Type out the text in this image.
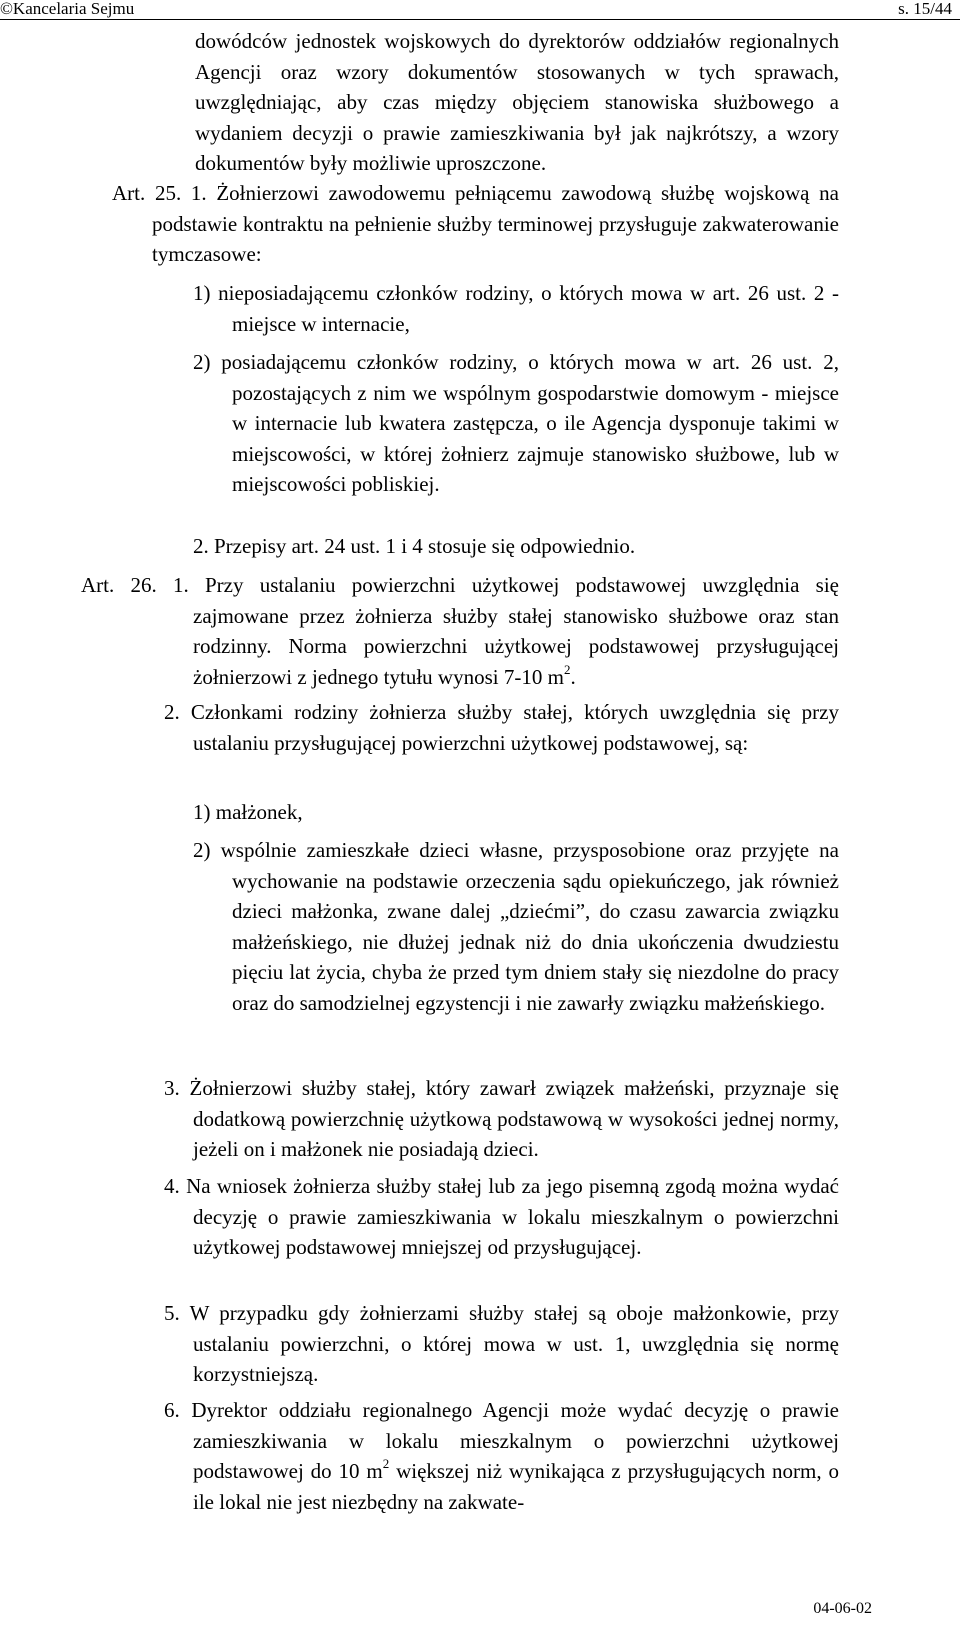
©Kancelaria Sejmu	s. 15/44

dowódców jednostek wojskowych do dyrektorów oddziałów regionalnych Agencji oraz wzory dokumentów stosowanych w tych sprawach, uwzględniając, aby czas między objęciem stanowiska służbowego a wydaniem decyzji o prawie zamieszkiwania był jak najkrótszy, a wzory dokumentów były możliwie uproszczone.

Art. 25. 1. Żołnierzowi zawodowemu pełniącemu zawodową służbę wojskową na podstawie kontraktu na pełnienie służby terminowej przysługuje zakwaterowanie tymczasowe:

1) nieposiadającemu członków rodziny, o których mowa w art. 26 ust. 2 - miejsce w internacie,

2) posiadającemu członków rodziny, o których mowa w art. 26 ust. 2, pozostających z nim we wspólnym gospodarstwie domowym - miejsce w internacie lub kwatera zastępcza, o ile Agencja dysponuje takimi w miejscowości, w której żołnierz zajmuje stanowisko służbowe, lub w miejscowości pobliskiej.

2. Przepisy art. 24 ust. 1 i 4 stosuje się odpowiednio.

Art. 26. 1. Przy ustalaniu powierzchni użytkowej podstawowej uwzględnia się zajmowane przez żołnierza służby stałej stanowisko służbowe oraz stan rodzinny. Norma powierzchni użytkowej podstawowej przysługującej żołnierzowi z jednego tytułu wynosi 7-10 $m^2$.

2. Członkami rodziny żołnierza służby stałej, których uwzględnia się przy ustalaniu przysługującej powierzchni użytkowej podstawowej, są:

1) małżonek,

2) wspólnie zamieszkałe dzieci własne, przysposobione oraz przyjęte na wychowanie na podstawie orzeczenia sądu opiekuńczego, jak również dzieci małżonka, zwane dalej „dziećmi”, do czasu zawarcia związku małżeńskiego, nie dłużej jednak niż do dnia ukończenia dwudziestu pięciu lat życia, chyba że przed tym dniem stały się niezdolne do pracy oraz do samodzielnej egzystencji i nie zawarły związku małżeńskiego.

3. Żołnierzowi służby stałej, który zawarł związek małżeński, przyznaje się dodatkową powierzchnię użytkową podstawową w wysokości jednej normy, jeżeli on i małżonek nie posiadają dzieci.

4. Na wniosek żołnierza służby stałej lub za jego pisemną zgodą można wydać decyzję o prawie zamieszkiwania w lokalu mieszkalnym o powierzchni użytkowej podstawowej mniejszej od przysługującej.

5. W przypadku gdy żołnierzami służby stałej są oboje małżonkowie, przy ustalaniu powierzchni, o której mowa w ust. 1, uwzględnia się normę korzystniejszą.

6. Dyrektor oddziału regionalnego Agencji może wydać decyzję o prawie zamieszkiwania w lokalu mieszkalnym o powierzchni użytkowej podstawowej do 10 $m^2$ większej niż wynikająca z przysługujących norm, o ile lokal nie jest niezbędny na zakwate-

04-06-02
